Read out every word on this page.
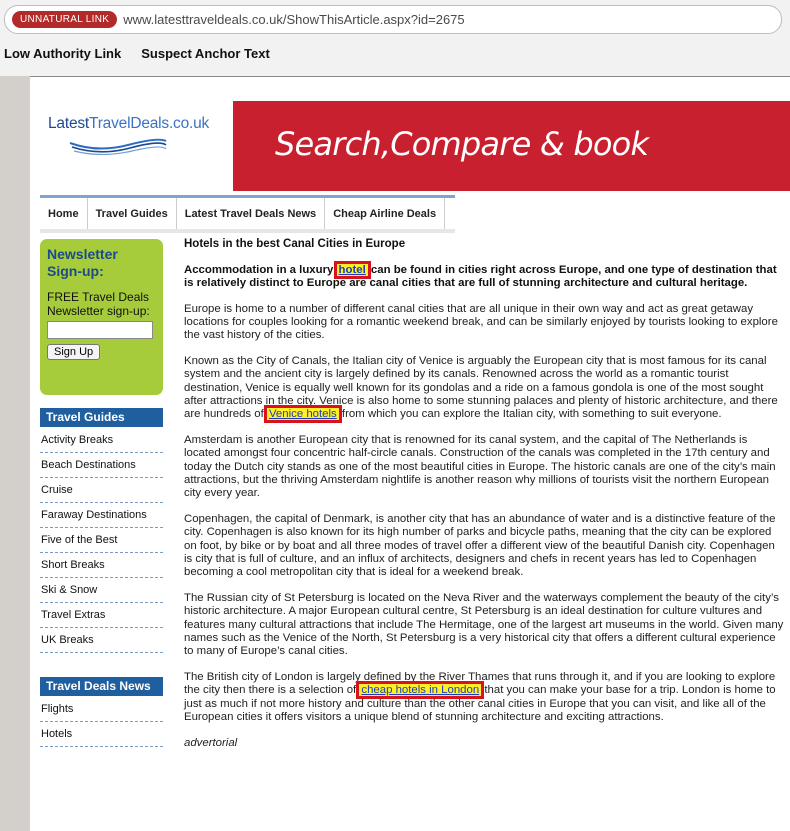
UNNATURAL LINK	www.latesttraveldeals.co.uk/ShowThisArticle.aspx?id=2675
Low Authority Link Suspect Anchor Text
LatestTravelDeals.co.uk
Search,Compare & book
Home	Travel Guides	Latest Travel Deals News	Cheap Airline Deals
Newsletter Sign-up:
FREE Travel Deals Newsletter sign-up:
Sign Up
Travel Guides
Activity Breaks
Beach Destinations
Cruise
Faraway Destinations
Five of the Best
Short Breaks
Ski & Snow
Travel Extras
UK Breaks
Travel Deals News
Flights
Hotels
Hotels in the best Canal Cities in Europe
Accommodation in a luxury hotel can be found in cities right across Europe, and one type of destination that is relatively distinct to Europe are canal cities that are full of stunning architecture and cultural heritage.

Europe is home to a number of different canal cities that are all unique in their own way and act as great getaway locations for couples looking for a romantic weekend break, and can be similarly enjoyed by tourists looking to explore the vast history of the cities.

Known as the City of Canals, the Italian city of Venice is arguably the European city that is most famous for its canal system and the ancient city is largely defined by its canals. Renowned across the world as a romantic tourist destination, Venice is equally well known for its gondolas and a ride on a famous gondola is one of the most sought after attractions in the city. Venice is also home to some stunning palaces and plenty of historic architecture, and there are hundreds of Venice hotels from which you can explore the Italian city, with something to suit everyone.

Amsterdam is another European city that is renowned for its canal system, and the capital of The Netherlands is located amongst four concentric half-circle canals. Construction of the canals was completed in the 17th century and today the Dutch city stands as one of the most beautiful cities in Europe. The historic canals are one of the city’s main attractions, but the thriving Amsterdam nightlife is another reason why millions of tourists visit the northern European city every year.

Copenhagen, the capital of Denmark, is another city that has an abundance of water and is a distinctive feature of the city. Copenhagen is also known for its high number of parks and bicycle paths, meaning that the city can be explored on foot, by bike or by boat and all three modes of travel offer a different view of the beautiful Danish city. Copenhagen is city that is full of culture, and an influx of architects, designers and chefs in recent years has led to Copenhagen becoming a cool metropolitan city that is ideal for a weekend break.

The Russian city of St Petersburg is located on the Neva River and the waterways complement the beauty of the city’s historic architecture. A major European cultural centre, St Petersburg is an ideal destination for culture vultures and features many cultural attractions that include The Hermitage, one of the largest art museums in the world. Given many names such as the Venice of the North, St Petersburg is a very historical city that offers a different cultural experience to many of Europe’s canal cities.

The British city of London is largely defined by the River Thames that runs through it, and if you are looking to explore the city then there is a selection of cheap hotels in London that you can make your base for a trip. London is home to just as much if not more history and culture than the other canal cities in Europe that you can visit, and like all of the European cities it offers visitors a unique blend of stunning architecture and exciting attractions.

advertorial
